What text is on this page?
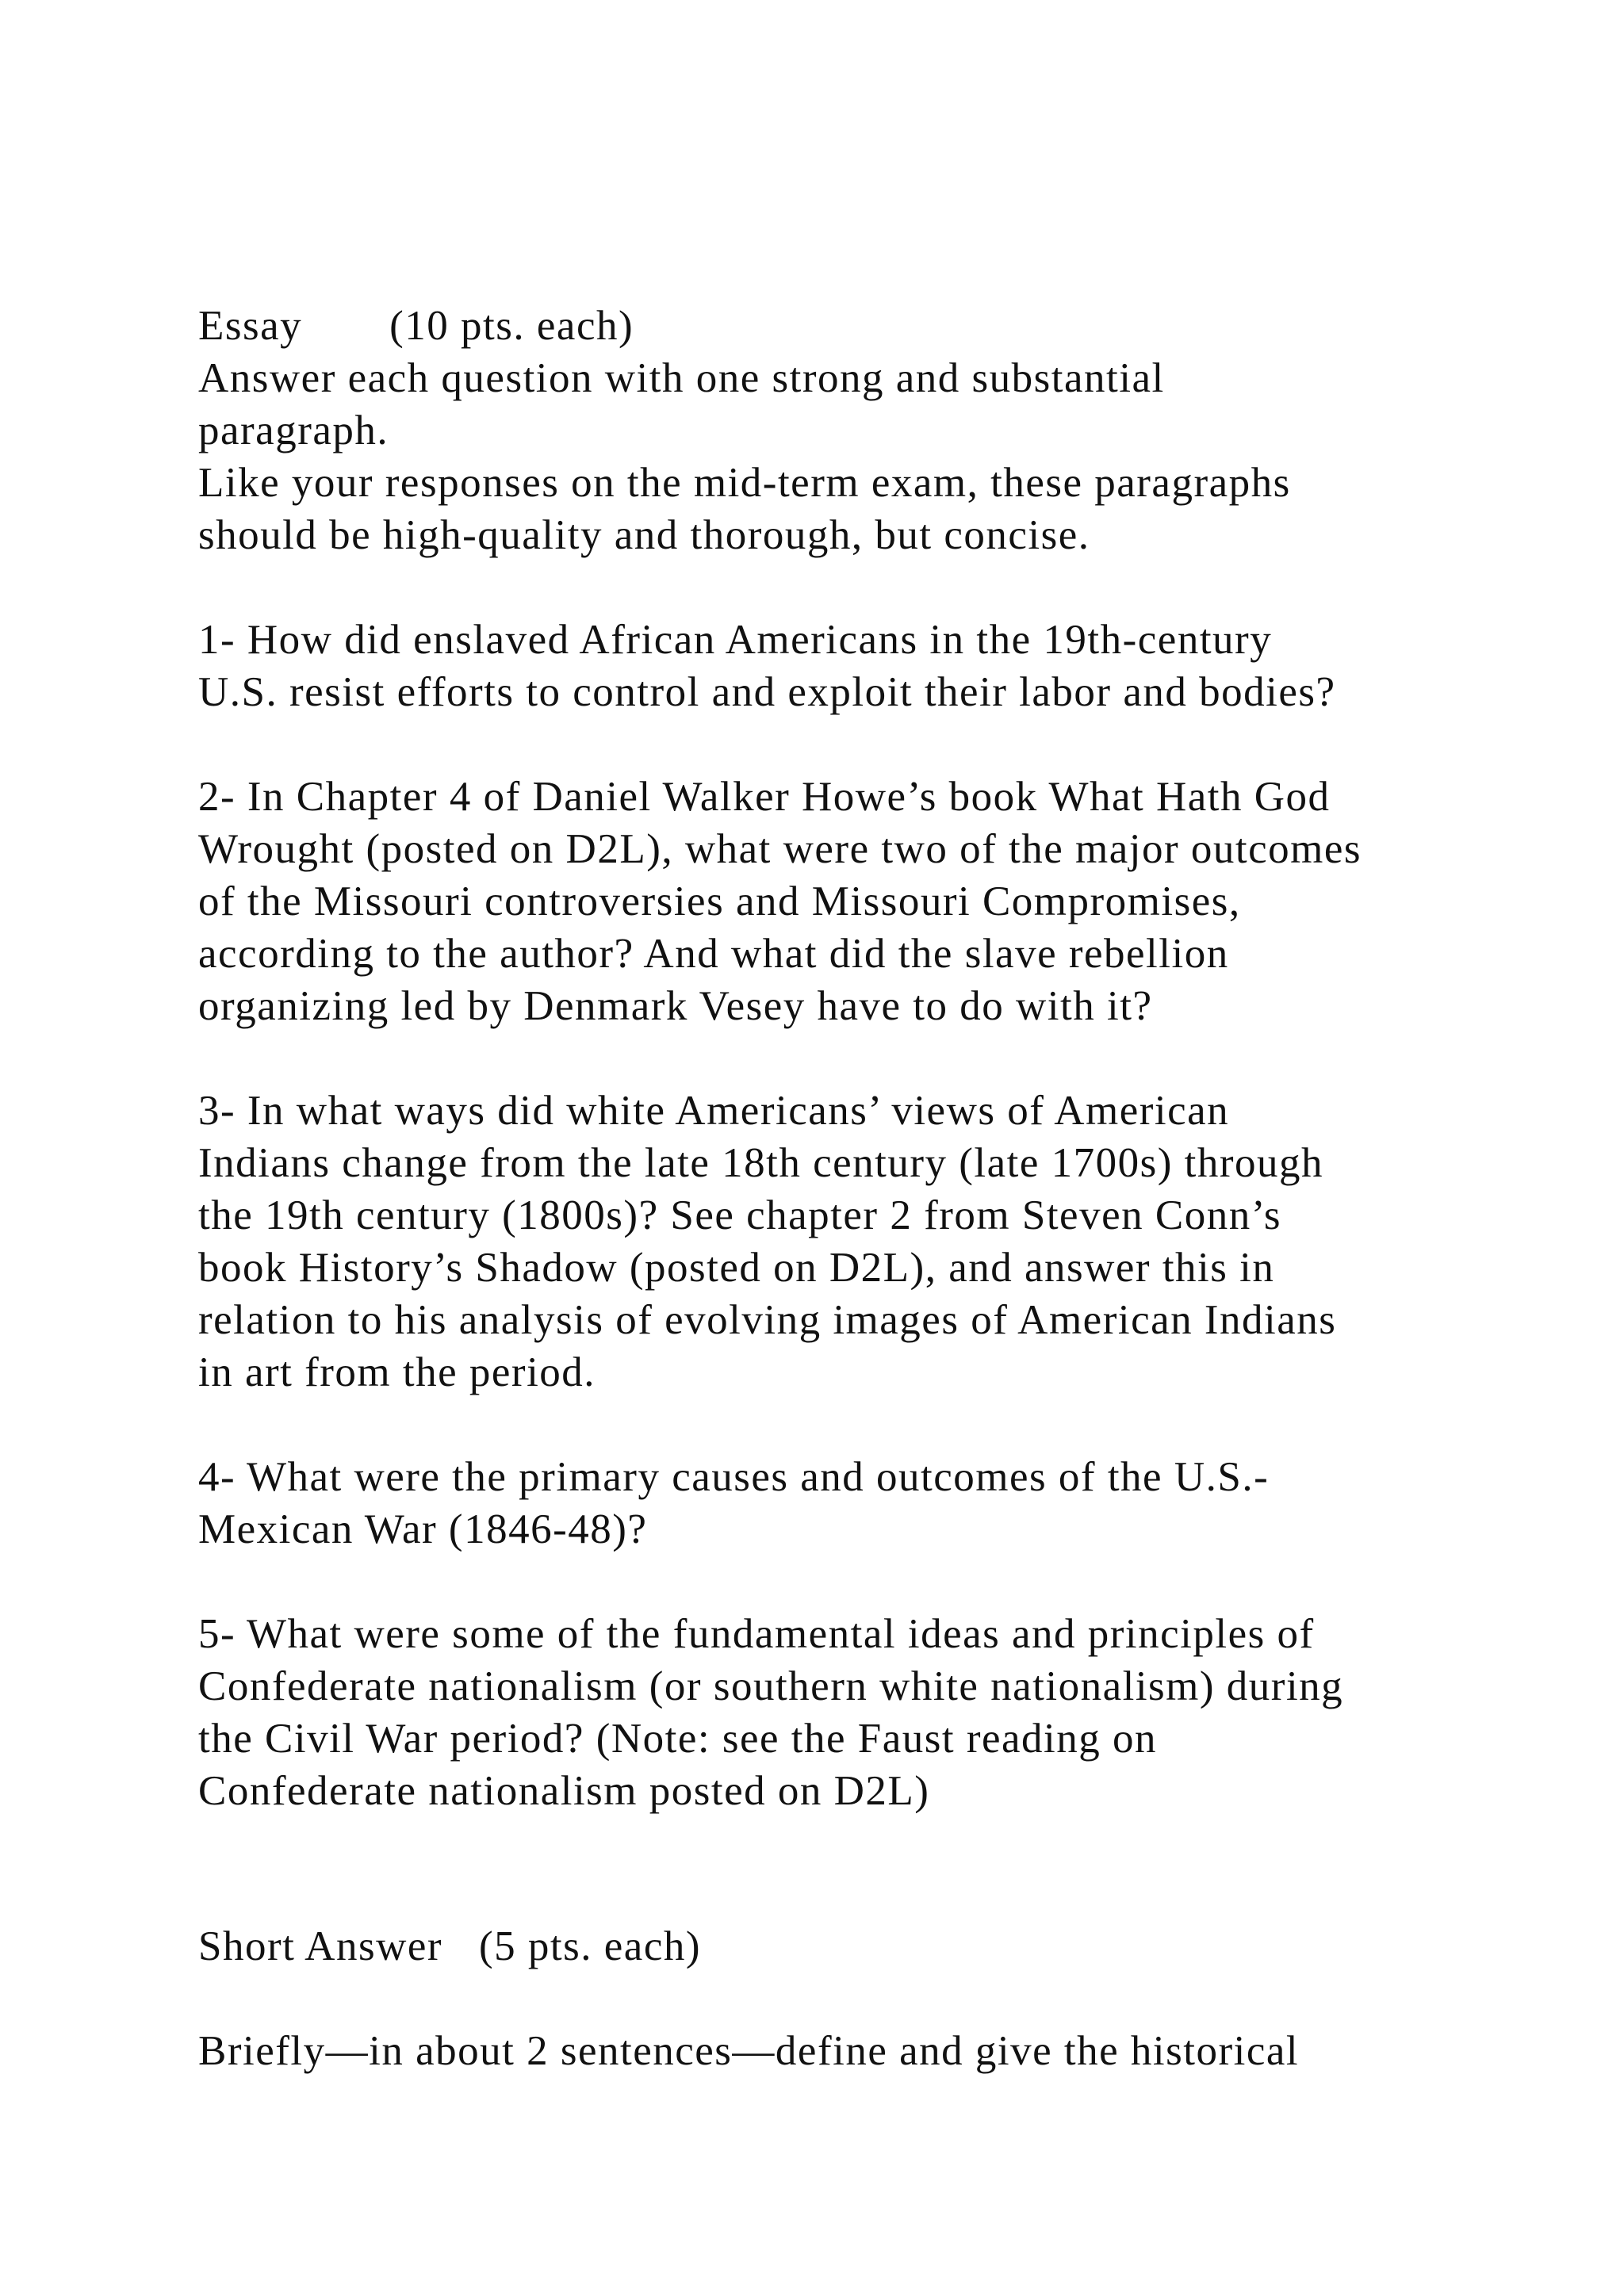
Essay (10 pts. each)
Answer each question with one strong and substantial
paragraph.
Like your responses on the mid-term exam, these paragraphs
should be high-quality and thorough, but concise.
1- How did enslaved African Americans in the 19th-century
U.S. resist efforts to control and exploit their labor and bodies?
2- In Chapter 4 of Daniel Walker Howe’s book What Hath God
Wrought (posted on D2L), what were two of the major outcomes
of the Missouri controversies and Missouri Compromises,
according to the author? And what did the slave rebellion
organizing led by Denmark Vesey have to do with it?
3- In what ways did white Americans’ views of American
Indians change from the late 18th century (late 1700s) through
the 19th century (1800s)? See chapter 2 from Steven Conn’s
book History’s Shadow (posted on D2L), and answer this in
relation to his analysis of evolving images of American Indians
in art from the period.
4- What were the primary causes and outcomes of the U.S.-
Mexican War (1846-48)?
5- What were some of the fundamental ideas and principles of
Confederate nationalism (or southern white nationalism) during
the Civil War period? (Note: see the Faust reading on
Confederate nationalism posted on D2L)
Short Answer (5 pts. each)
Briefly—in about 2 sentences—define and give the historical
